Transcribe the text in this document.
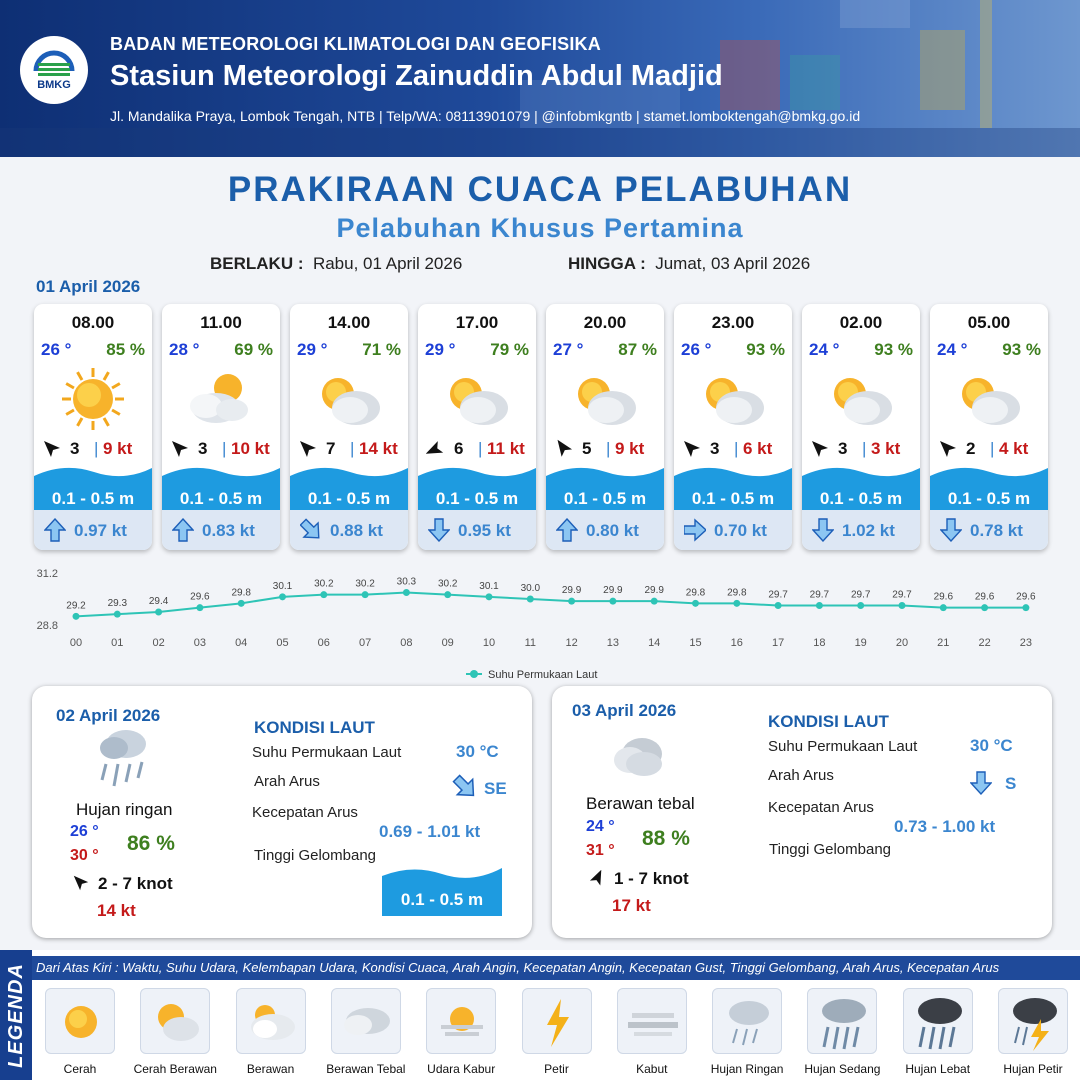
BMKG
BADAN METEOROLOGI KLIMATOLOGI DAN GEOFISIKA
Stasiun Meteorologi Zainuddin Abdul Madjid
Jl. Mandalika Praya, Lombok Tengah, NTB | Telp/WA: 08113901079 | @infobmkgntb | stamet.lomboktengah@bmkg.go.id
PRAKIRAAN CUACA PELABUHAN
Pelabuhan Khusus Pertamina
BERLAKU : Rabu, 01 April 2026	HINGGA : Jumat, 03 April 2026
01 April 2026
08.00
26 ° 85 %
3 | 9 kt
0.1 - 0.5 m
0.97 kt
11.00
28 ° 69 %
3 | 10 kt
0.1 - 0.5 m
0.83 kt
14.00
29 ° 71 %
7 | 14 kt
0.1 - 0.5 m
0.88 kt
17.00
29 ° 79 %
6 | 11 kt
0.1 - 0.5 m
0.95 kt
20.00
27 ° 87 %
5 | 9 kt
0.1 - 0.5 m
0.80 kt
23.00
26 ° 93 %
3 | 6 kt
0.1 - 0.5 m
0.70 kt
02.00
24 ° 93 %
3 | 3 kt
0.1 - 0.5 m
1.02 kt
05.00
24 ° 93 %
2 | 4 kt
0.1 - 0.5 m
0.78 kt
31.2
28.8
29.2
00
29.3
01
29.4
02
29.6
03
29.8
04
30.1
05
30.2
06
30.2
07
30.3
08
30.2
09
30.1
10
30.0
11
29.9
12
29.9
13
29.9
14
29.8
15
29.8
16
29.7
17
29.7
18
29.7
19
29.7
20
29.6
21
29.6
22
29.6
23
Suhu Permukaan Laut
02 April 2026
Hujan ringan
26 °
30 °
86 %
2 - 7 knot
14 kt
KONDISI LAUT
Suhu Permukaan Laut	30 °C
Arah Arus	SE
Kecepatan Arus
0.69 - 1.01 kt
Tinggi Gelombang
0.1 - 0.5 m
03 April 2026
Berawan tebal
24 °
31 °
88 %
1 - 7 knot
17 kt
KONDISI LAUT
Suhu Permukaan Laut	30 °C
Arah Arus	S
Kecepatan Arus
0.73 - 1.00 kt
Tinggi Gelombang
LEGENDA Dari Atas Kiri : Waktu, Suhu Udara, Kelembapan Udara, Kondisi Cuaca, Arah Angin, Kecepatan Angin, Kecepatan Gust, Tinggi Gelombang, Arah Arus, Kecepatan Arus
Cerah	Cerah Berawan	Berawan	Berawan Tebal	Udara Kabur	Petir	Kabut	Hujan Ringan	Hujan Sedang	Hujan Lebat	Hujan Petir
